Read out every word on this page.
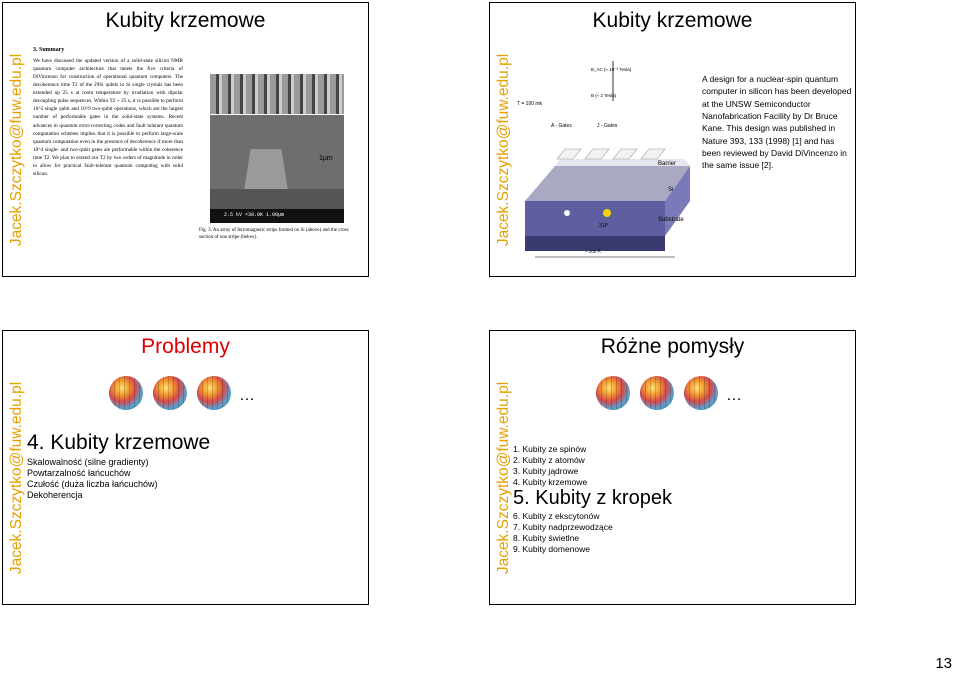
Kubity krzemowe
Jacek.Szczytko@fuw.edu.pl
3. Summary
We have discussed the updated version of a solid-state silicon NMR quantum computer architecture that meets the five criteria of DiVincenzo for construction of operational quantum computers. The decoherence time T2 of the 29Si qubits in Si single crystals has been extended up 25 s at room temperature by irradiation with dipolar decoupling pulse sequences. Within T2 ~ 25 s, it is possible to perform 10^5 single qubit and 10^9 two-qubit operations, which are the largest number of performable gates in the solid-state systems. Recent advances in quantum error-correcting codes and fault tolerant quantum computation schemes implies that it is possible to perform large-scale quantum computation even in the presence of decoherence if more than 10^4 single- and two-qubit gates are performable within the coherence time T2. We plan to extend our T2 by two orders of magnitude in order to allow for practical fault-tolerant quantum computing with solid silicon.
2.5 kV ×30.0K 1.00μm
1μm
Fig. 3. An array of ferromagnetic strips formed on Si (above) and the cross section of one stripe (below).
Kubity krzemowe
Jacek.Szczytko@fuw.edu.pl T = 100 mk
B_AC (≈ 10⁻³ Tesla)
B (≈ 2 Tesla)
A - Gates	J - Gates
31P
~ 200 Å
Barrier
Si
Substrate
A design for a nuclear-spin quantum computer in silicon has been developed at the UNSW Semiconductor Nanofabrication Facility by Dr Bruce Kane. This design was published in Nature 393, 133 (1998) [1] and has been reviewed by David DiVincenzo in the same issue [2].
Problemy
Jacek.Szczytko@fuw.edu.pl	…
4. Kubity krzemowe
Skalowalność (silne gradienty)
Powtarzalność łańcuchów
Czułość (duża liczba łańcuchów)
Dekoherencja
Różne pomysły
Jacek.Szczytko@fuw.edu.pl	…
1. Kubity ze spinów
2. Kubity z atomów
3. Kubity jądrowe
4. Kubity krzemowe
5. Kubity z kropek
6. Kubity z ekscytonów
7. Kubity nadprzewodzące
8. Kubity świetlne
9. Kubity domenowe
13
